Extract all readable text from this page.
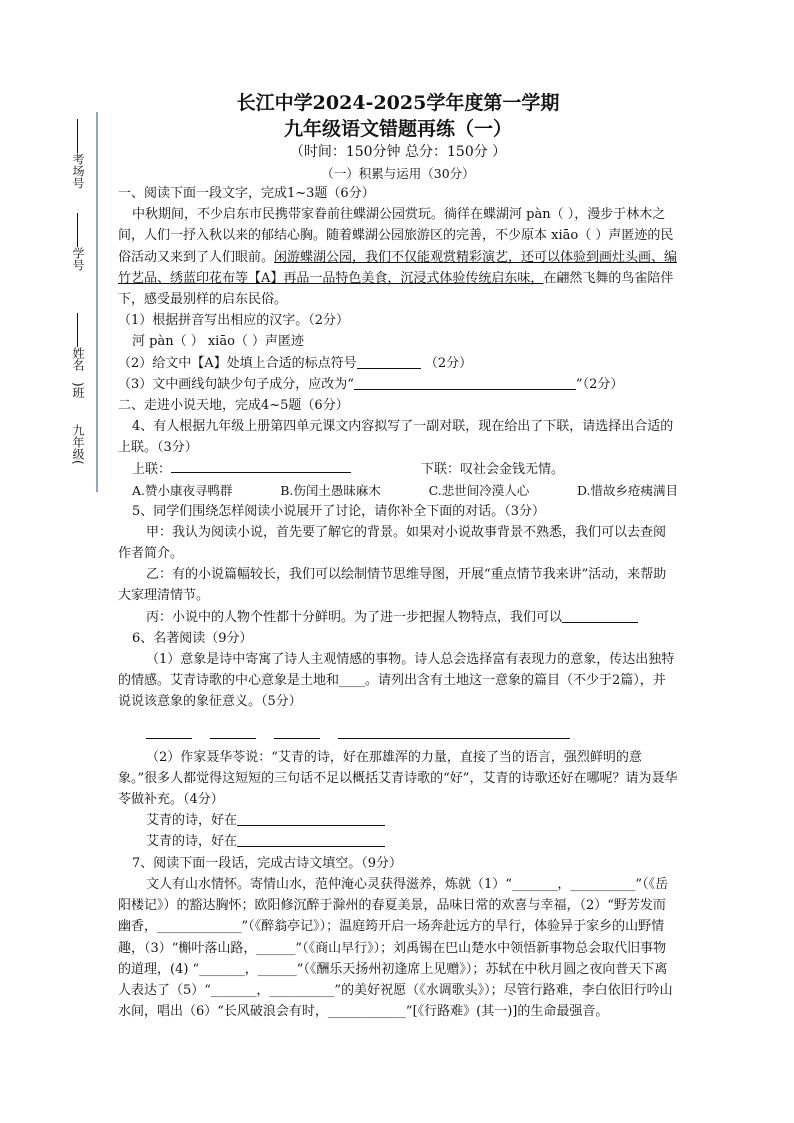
考场号
学号
姓名
)班
九年级(

长江中学2024-2025学年度第一学期

九年级语文错题再练（一）

（时间：150分钟 总分：150分 ）

（一）积累与运用（30分）

一、阅读下面一段文字，完成1~3题（6分）

中秋期间，不少启东市民携带家眷前往蝶湖公园赏玩。徜徉在蝶湖河 pàn（ ），漫步于林木之间，人们一抒入秋以来的郁结心胸。随着蝶湖公园旅游区的完善，不少原本 xiāo（ ）声匿迹的民俗活动又来到了人们眼前。闲游蝶湖公园，我们不仅能观赏精彩演艺，还可以体验到画灶头画、编竹艺品、绣蓝印花布等【A】再品一品特色美食，沉浸式体验传统启东味，在翩然飞舞的鸟雀陪伴下，感受最别样的启东民俗。

（1）根据拼音写出相应的汉字。（2分）

河 pàn（ ） xiāo（ ）声匿迹

（2）给文中【A】处填上合适的标点符号	（2分）

（3）文中画线句缺少句子成分，应改为“	”（2分）

二、走进小说天地，完成4~5题（6分）

4、有人根据九年级上册第四单元课文内容拟写了一副对联，现在给出了下联，请选择出合适的上联。（3分）

上联：	下联：叹社会金钱无情。
A.赞小康夜寻鸭群	B.伤闰土愚昧麻木	C.悲世间冷漠人心	D.惜故乡疮痍满目

5、同学们围绕怎样阅读小说展开了讨论，请你补全下面的对话。（3分）

甲：我认为阅读小说，首先要了解它的背景。如果对小说故事背景不熟悉，我们可以去查阅作者简介。

乙：有的小说篇幅较长，我们可以绘制情节思维导图，开展“重点情节我来讲”活动，来帮助大家理清情节。

丙：小说中的人物个性都十分鲜明。为了进一步把握人物特点，我们可以

6、名著阅读（9分）

（1）意象是诗中寄寓了诗人主观情感的事物。诗人总会选择富有表现力的意象，传达出独特的情感。艾青诗歌的中心意象是土地和____。请列出含有土地这一意象的篇目（不少于2篇），并说说该意象的象征意义。（5分）

（2）作家聂华苓说：“艾青的诗，好在那雄浑的力量，直接了当的语言，强烈鲜明的意象。”很多人都觉得这短短的三句话不足以概括艾青诗歌的“好”，艾青的诗歌还好在哪呢？请为聂华苓做补充。（4分）

艾青的诗，好在

艾青的诗，好在

7、阅读下面一段话，完成古诗文填空。（9分）

文人有山水情怀。寄情山水，范仲淹心灵获得滋养，炼就（1）“_______，__________”（《岳阳楼记》）的豁达胸怀；欧阳修沉醉于滁州的春夏美景，品味日常的欢喜与幸福，（2）“野芳发而幽香，_____________”（《醉翁亭记》）；温庭筠开启一场奔赴远方的旱行，体验异于家乡的山野情趣，（3）“槲叶落山路，______”（《商山早行》）；刘禹锡在巴山楚水中领悟新事物总会取代旧事物的道理，(4) “_______，______”（《酬乐天扬州初逢席上见赠》）；苏轼在中秋月圆之夜向普天下离人表达了（5）“_______，__________”的美好祝愿（《水调歌头》）；尽管行路难，李白依旧行吟山水间，唱出（6）“长风破浪会有时，____________”[《行路难》(其一)]的生命最强音。
